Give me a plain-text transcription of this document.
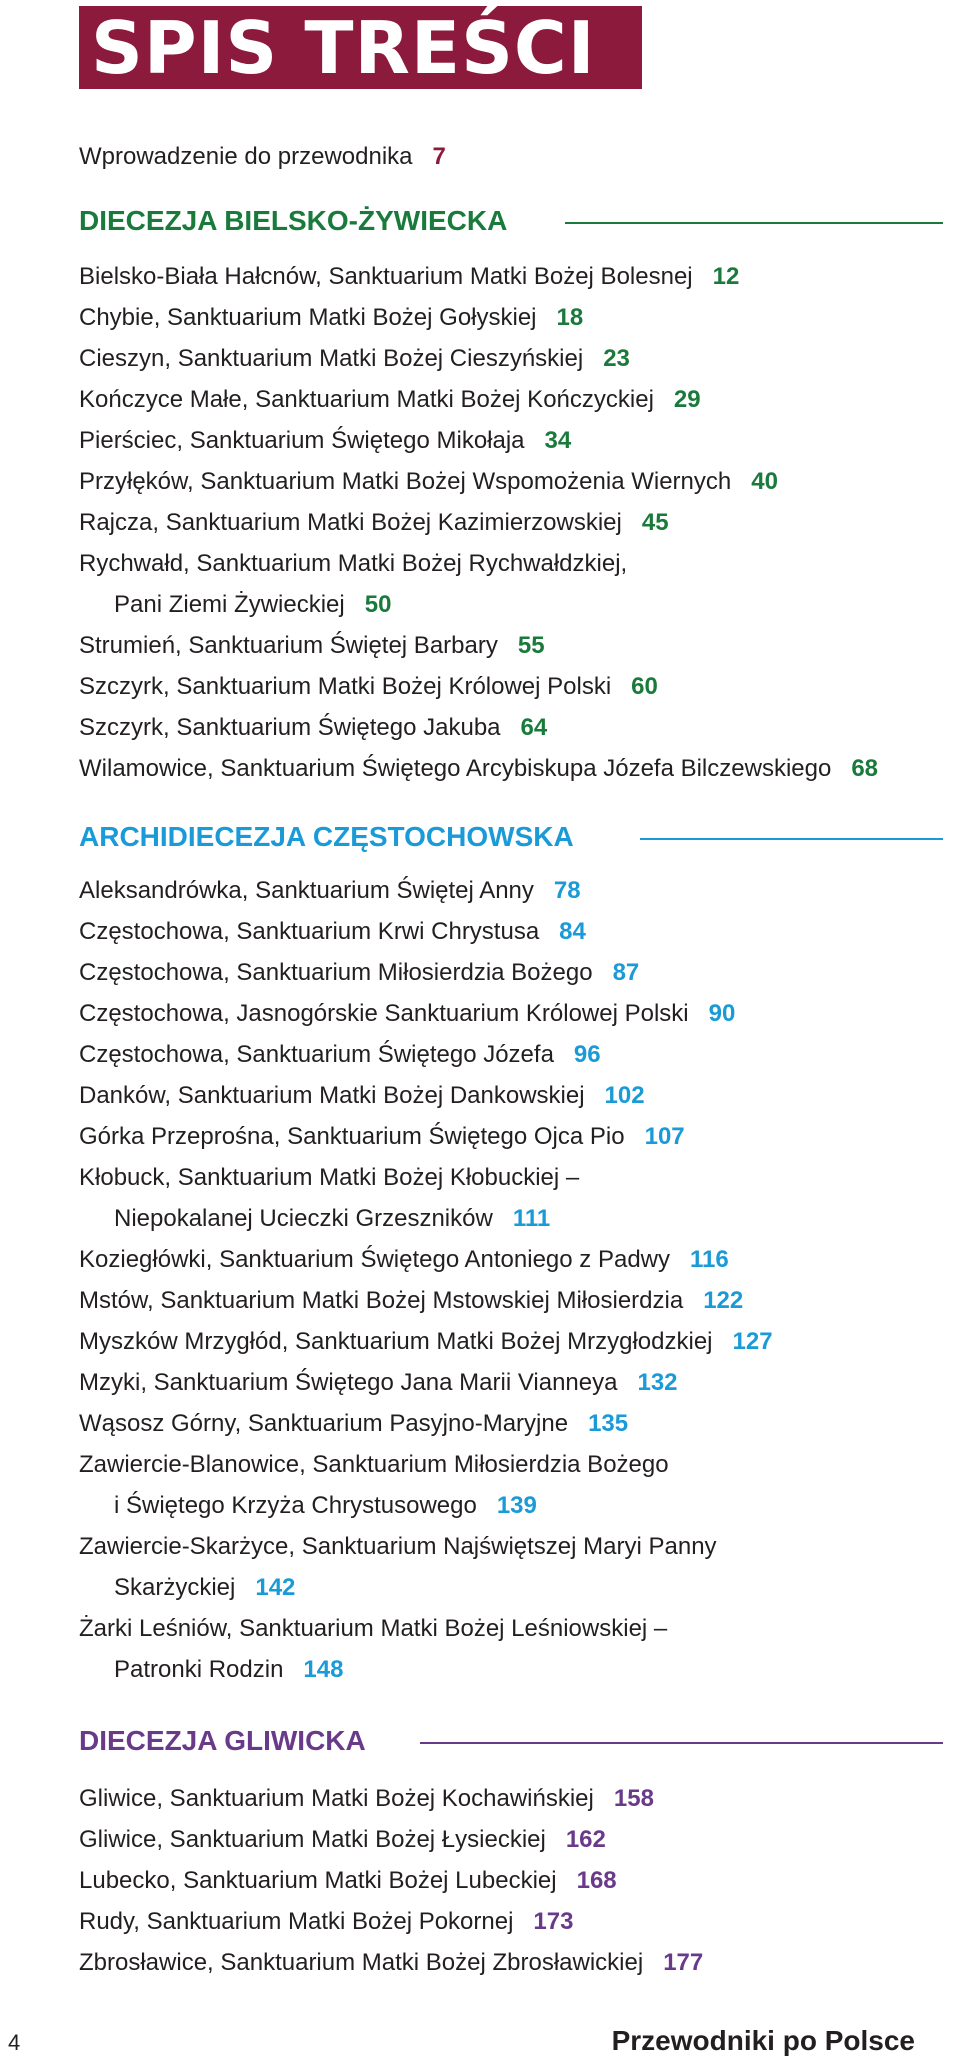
SPIS TREŚCI
Wprowadzenie do przewodnika 7
DIECEZJA BIELSKO-ŻYWIECKA
Bielsko-Biała Hałcnów, Sanktuarium Matki Bożej Bolesnej 12
Chybie, Sanktuarium Matki Bożej Gołyskiej 18
Cieszyn, Sanktuarium Matki Bożej Cieszyńskiej 23
Kończyce Małe, Sanktuarium Matki Bożej Kończyckiej 29
Pierściec, Sanktuarium Świętego Mikołaja 34
Przyłęków, Sanktuarium Matki Bożej Wspomożenia Wiernych 40
Rajcza, Sanktuarium Matki Bożej Kazimierzowskiej 45
Rychwałd, Sanktuarium Matki Bożej Rychwałdzkiej,
Pani Ziemi Żywieckiej 50
Strumień, Sanktuarium Świętej Barbary 55
Szczyrk, Sanktuarium Matki Bożej Królowej Polski 60
Szczyrk, Sanktuarium Świętego Jakuba 64
Wilamowice, Sanktuarium Świętego Arcybiskupa Józefa Bilczewskiego 68
ARCHIDIECEZJA CZĘSTOCHOWSKA
Aleksandrówka, Sanktuarium Świętej Anny 78
Częstochowa, Sanktuarium Krwi Chrystusa 84
Częstochowa, Sanktuarium Miłosierdzia Bożego 87
Częstochowa, Jasnogórskie Sanktuarium Królowej Polski 90
Częstochowa, Sanktuarium Świętego Józefa 96
Danków, Sanktuarium Matki Bożej Dankowskiej 102
Górka Przeprośna, Sanktuarium Świętego Ojca Pio 107
Kłobuck, Sanktuarium Matki Bożej Kłobuckiej –
Niepokalanej Ucieczki Grzeszników 111
Koziegłówki, Sanktuarium Świętego Antoniego z Padwy 116
Mstów, Sanktuarium Matki Bożej Mstowskiej Miłosierdzia 122
Myszków Mrzygłód, Sanktuarium Matki Bożej Mrzygłodzkiej 127
Mzyki, Sanktuarium Świętego Jana Marii Vianneya 132
Wąsosz Górny, Sanktuarium Pasyjno-Maryjne 135
Zawiercie-Blanowice, Sanktuarium Miłosierdzia Bożego
i Świętego Krzyża Chrystusowego 139
Zawiercie-Skarżyce, Sanktuarium Najświętszej Maryi Panny
Skarżyckiej 142
Żarki Leśniów, Sanktuarium Matki Bożej Leśniowskiej –
Patronki Rodzin 148
DIECEZJA GLIWICKA
Gliwice, Sanktuarium Matki Bożej Kochawińskiej 158
Gliwice, Sanktuarium Matki Bożej Łysieckiej 162
Lubecko, Sanktuarium Matki Bożej Lubeckiej 168
Rudy, Sanktuarium Matki Bożej Pokornej 173
Zbrosławice, Sanktuarium Matki Bożej Zbrosławickiej 177
4	Przewodniki po Polsce
